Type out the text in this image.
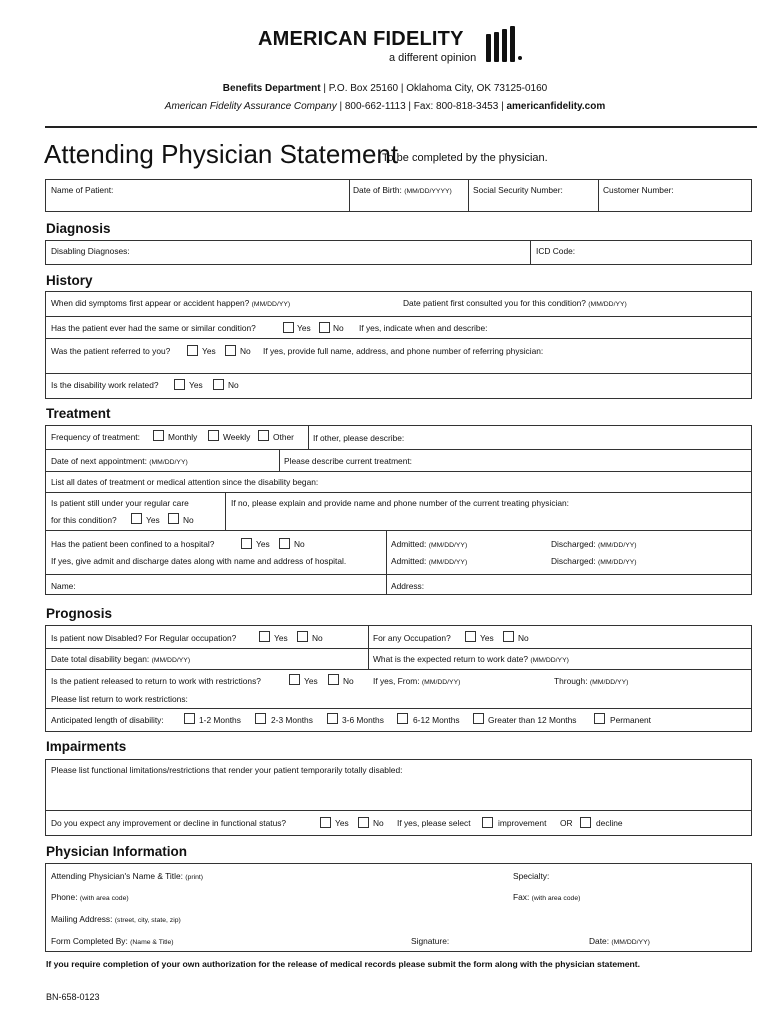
AMERICAN FIDELITY
a different opinion
Benefits Department | P.O. Box 25160 | Oklahoma City, OK 73125-0160
American Fidelity Assurance Company | 800-662-1113 | Fax: 800-818-3453 | americanfidelity.com
Attending Physician Statement
To be completed by the physician.
Name of Patient:	Date of Birth: (MM/DD/YYYY)	Social Security Number:	Customer Number:
Diagnosis
Disabling Diagnoses:	ICD Code:
History
When did symptoms first appear or accident happen? (MM/DD/YY)	Date patient first consulted you for this condition? (MM/DD/YY)
Has the patient ever had the same or similar condition?	Yes	No If yes, indicate when and describe:
Was the patient referred to you?	Yes	No If yes, provide full name, address, and phone number of referring physician:
Is the disability work related?	Yes	No
Treatment
Frequency of treatment:	Monthly	Weekly	Other If other, please describe:
Date of next appointment: (MM/DD/YY)	Please describe current treatment:
List all dates of treatment or medical attention since the disability began:
Is patient still under your regular care
for this condition?	Yes	No
If no, please explain and provide name and phone number of the current treating physician:
Has the patient been confined to a hospital?	Yes	No
If yes, give admit and discharge dates along with name and address of hospital.
Admitted: (MM/DD/YY)	Discharged: (MM/DD/YY)
Admitted: (MM/DD/YY)	Discharged: (MM/DD/YY)
Name:	Address:
Prognosis
Is patient now Disabled? For Regular occupation?	Yes	No	For any Occupation?	Yes	No
Date total disability began: (MM/DD/YY)	What is the expected return to work date? (MM/DD/YY)
Is the patient released to return to work with restrictions?	Yes	No If yes, From: (MM/DD/YY)	Through: (MM/DD/YY)
Please list return to work restrictions:
Anticipated length of disability:	1-2 Months	2-3 Months	3-6 Months	6-12 Months	Greater than 12 Months	Permanent
Impairments
Please list functional limitations/restrictions that render your patient temporarily totally disabled:
Do you expect any improvement or decline in functional status?	Yes	No If yes, please select	improvement OR	decline
Physician Information
Attending Physician's Name & Title: (print)	Specialty:
Phone: (with area code)	Fax: (with area code)
Mailing Address: (street, city, state, zip)
Form Completed By: (Name & Title)	Signature:	Date: (MM/DD/YY)
If you require completion of your own authorization for the release of medical records please submit the form along with the physician statement.
BN-658-0123
